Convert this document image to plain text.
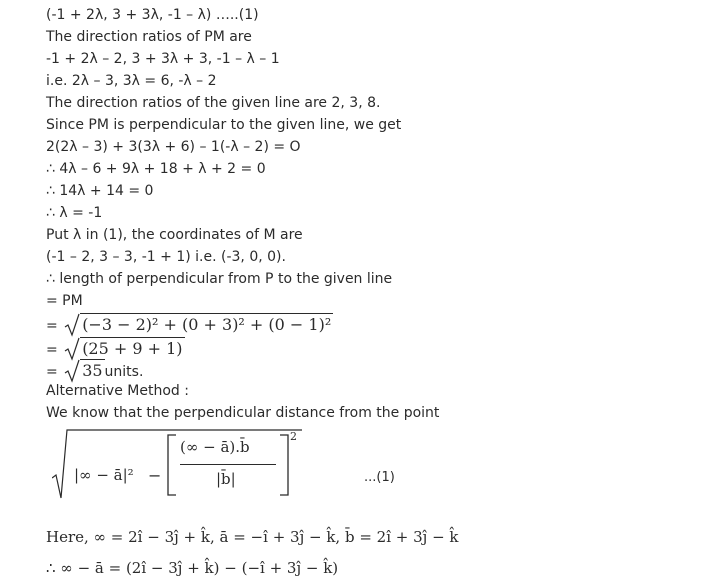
(-1 + 2λ, 3 + 3λ, -1 – λ) …..(1)
The direction ratios of PM are
-1 + 2λ – 2, 3 + 3λ + 3, -1 – λ – 1
i.e. 2λ – 3, 3λ = 6, -λ – 2
The direction ratios of the given line are 2, 3, 8.
Since PM is perpendicular to the given line, we get
2(2λ – 3) + 3(3λ + 6) – 1(-λ – 2) = O
∴ 4λ – 6 + 9λ + 18 + λ + 2 = 0
∴ 14λ + 14 = 0
∴ λ = -1
Put λ in (1), the coordinates of M are
(-1 – 2, 3 – 3, -1 + 1) i.e. (-3, 0, 0).
∴ length of perpendicular from P to the given line
= PM
= (−3 − 2)² + (0 + 3)² + (0 − 1)²
= (25 + 9 + 1)
= 35 units.
Alternative Method :
We know that the perpendicular distance from the point
|∞ − ā|² −
(∞ − ā).b̄
|b̄|
2
...(1)
Here, ∞ = 2î − 3ĵ + k̂, ā = −î + 3ĵ − k̂, b̄ = 2î + 3ĵ − k̂
∴ ∞ − ā = (2î − 3ĵ + k̂) − (−î + 3ĵ − k̂)
